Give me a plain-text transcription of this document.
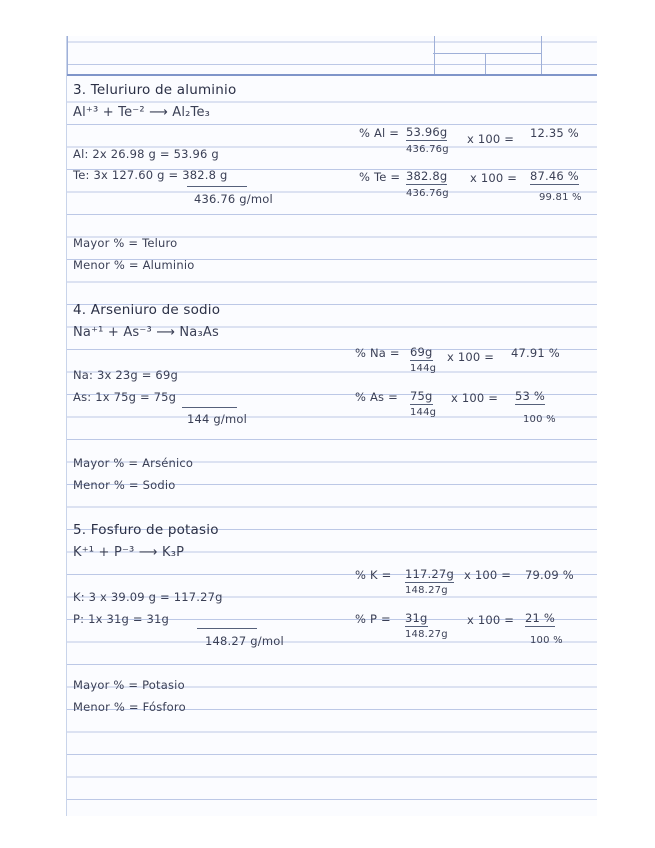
3. Teluriuro de aluminio
Al⁺³ + Te⁻² ⟶ Al₂Te₃
Al: 2x 26.98 g = 53.96 g
Te: 3x 127.60 g = 382.8 g
436.76 g/mol
% Al = 53.96g
436.76g
x 100 = 12.35 %
% Te = 382.8g
436.76g
x 100 = 87.46 %
99.81 %
Mayor % = Teluro
Menor % = Aluminio
4. Arseniuro de sodio
Na⁺¹ + As⁻³ ⟶ Na₃As
Na: 3x 23g = 69g
As: 1x 75g = 75g
144 g/mol
% Na = 69g
144g
x 100 = 47.91 %
% As = 75g
144g
x 100 = 53 %
100 %
Mayor % = Arsénico
Menor % = Sodio
5. Fosfuro de potasio
K⁺¹ + P⁻³ ⟶ K₃P
K: 3 x 39.09 g = 117.27g
P: 1x 31g = 31g
148.27 g/mol
% K = 117.27g
148.27g
x 100 = 79.09 %
% P = 31g
148.27g
x 100 = 21 %
100 %
Mayor % = Potasio
Menor % = Fósforo
